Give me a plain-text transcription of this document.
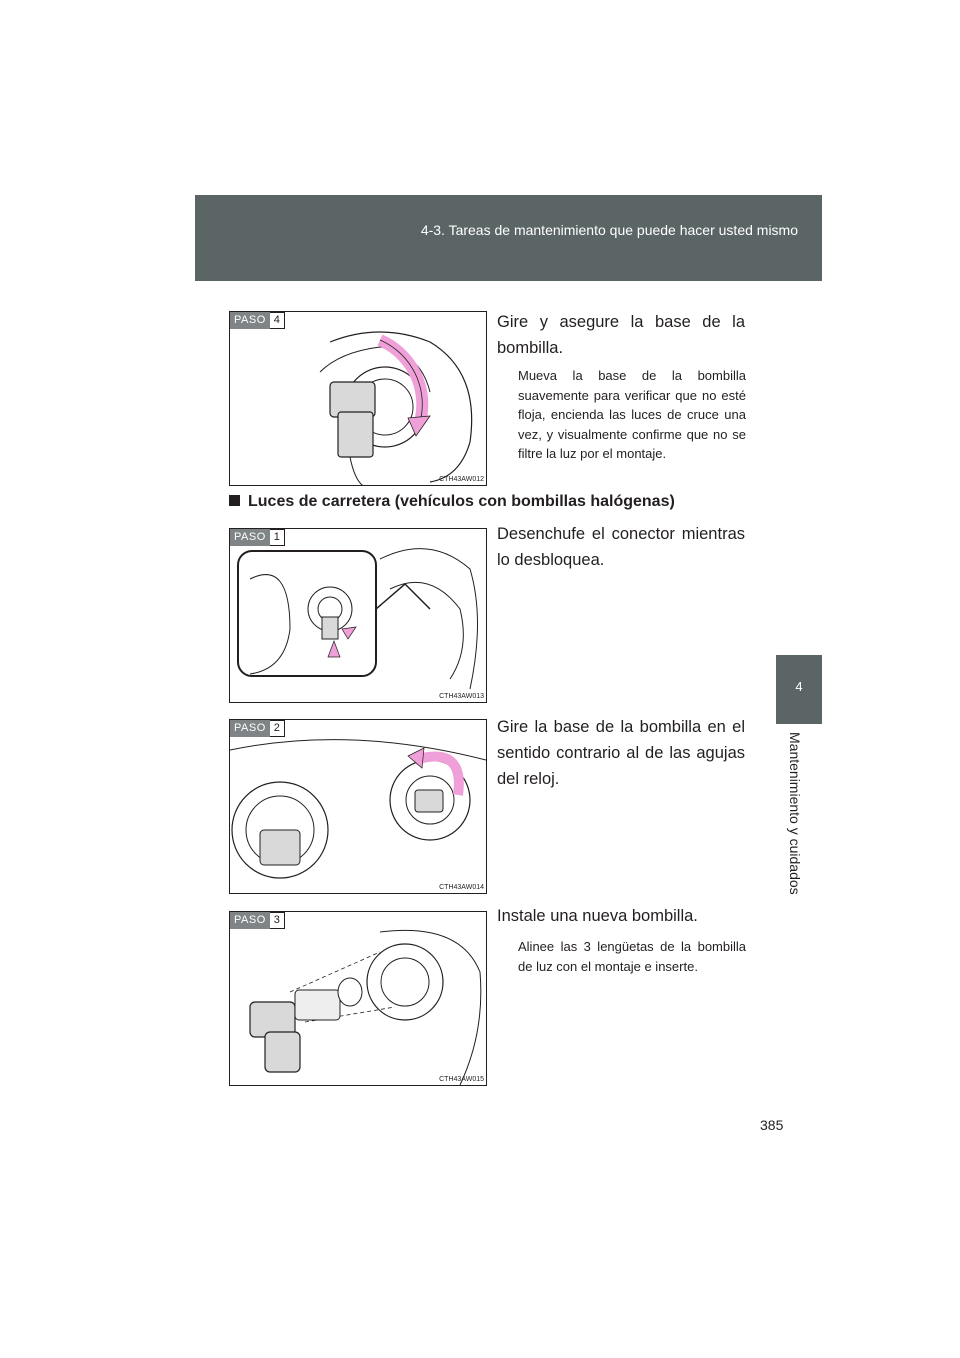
4-3. Tareas de mantenimiento que puede hacer usted mismo
4
Mantenimiento y cuidados
PASO 4
CTH43AW012
Gire y asegure la base de la bombilla.
Mueva la base de la bombilla suavemente para verificar que no esté floja, encienda las luces de cruce una vez, y visualmente confirme que no se filtre la luz por el montaje.
Luces de carretera (vehículos con bombillas halógenas)
PASO 1
CTH43AW013
Desenchufe el conector mientras lo desbloquea.
PASO 2
CTH43AW014
Gire la base de la bombilla en el sentido contrario al de las agujas del reloj.
PASO 3
CTH43AW015
Instale una nueva bombilla.
Alinee las 3 lengüetas de la bombilla de luz con el montaje e inserte.
385
